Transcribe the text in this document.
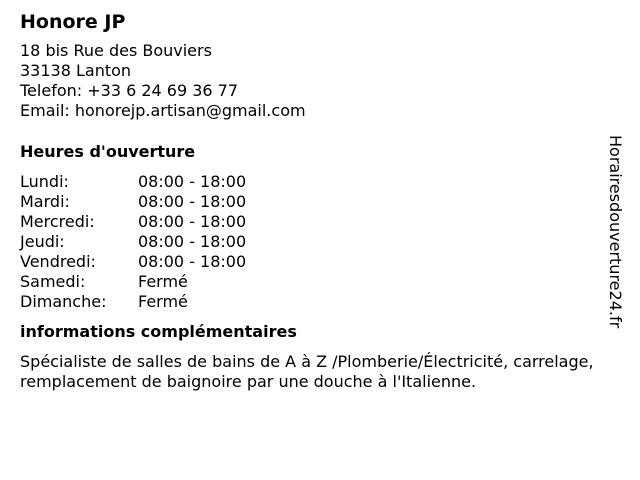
Honore JP
18 bis Rue des Bouviers
33138 Lanton
Telefon: +33 6 24 69 36 77
Email: honorejp.artisan@gmail.com
Heures d'ouverture
Lundi:	08:00 - 18:00
Mardi:	08:00 - 18:00
Mercredi:	08:00 - 18:00
Jeudi:	08:00 - 18:00
Vendredi:	08:00 - 18:00
Samedi:	Fermé
Dimanche:	Fermé
informations complémentaires

Spécialiste de salles de bains de A à Z /Plomberie/Électricité, carrelage, remplacement de baignoire par une douche à l'Italienne.

Horairesdouverture24.fr
